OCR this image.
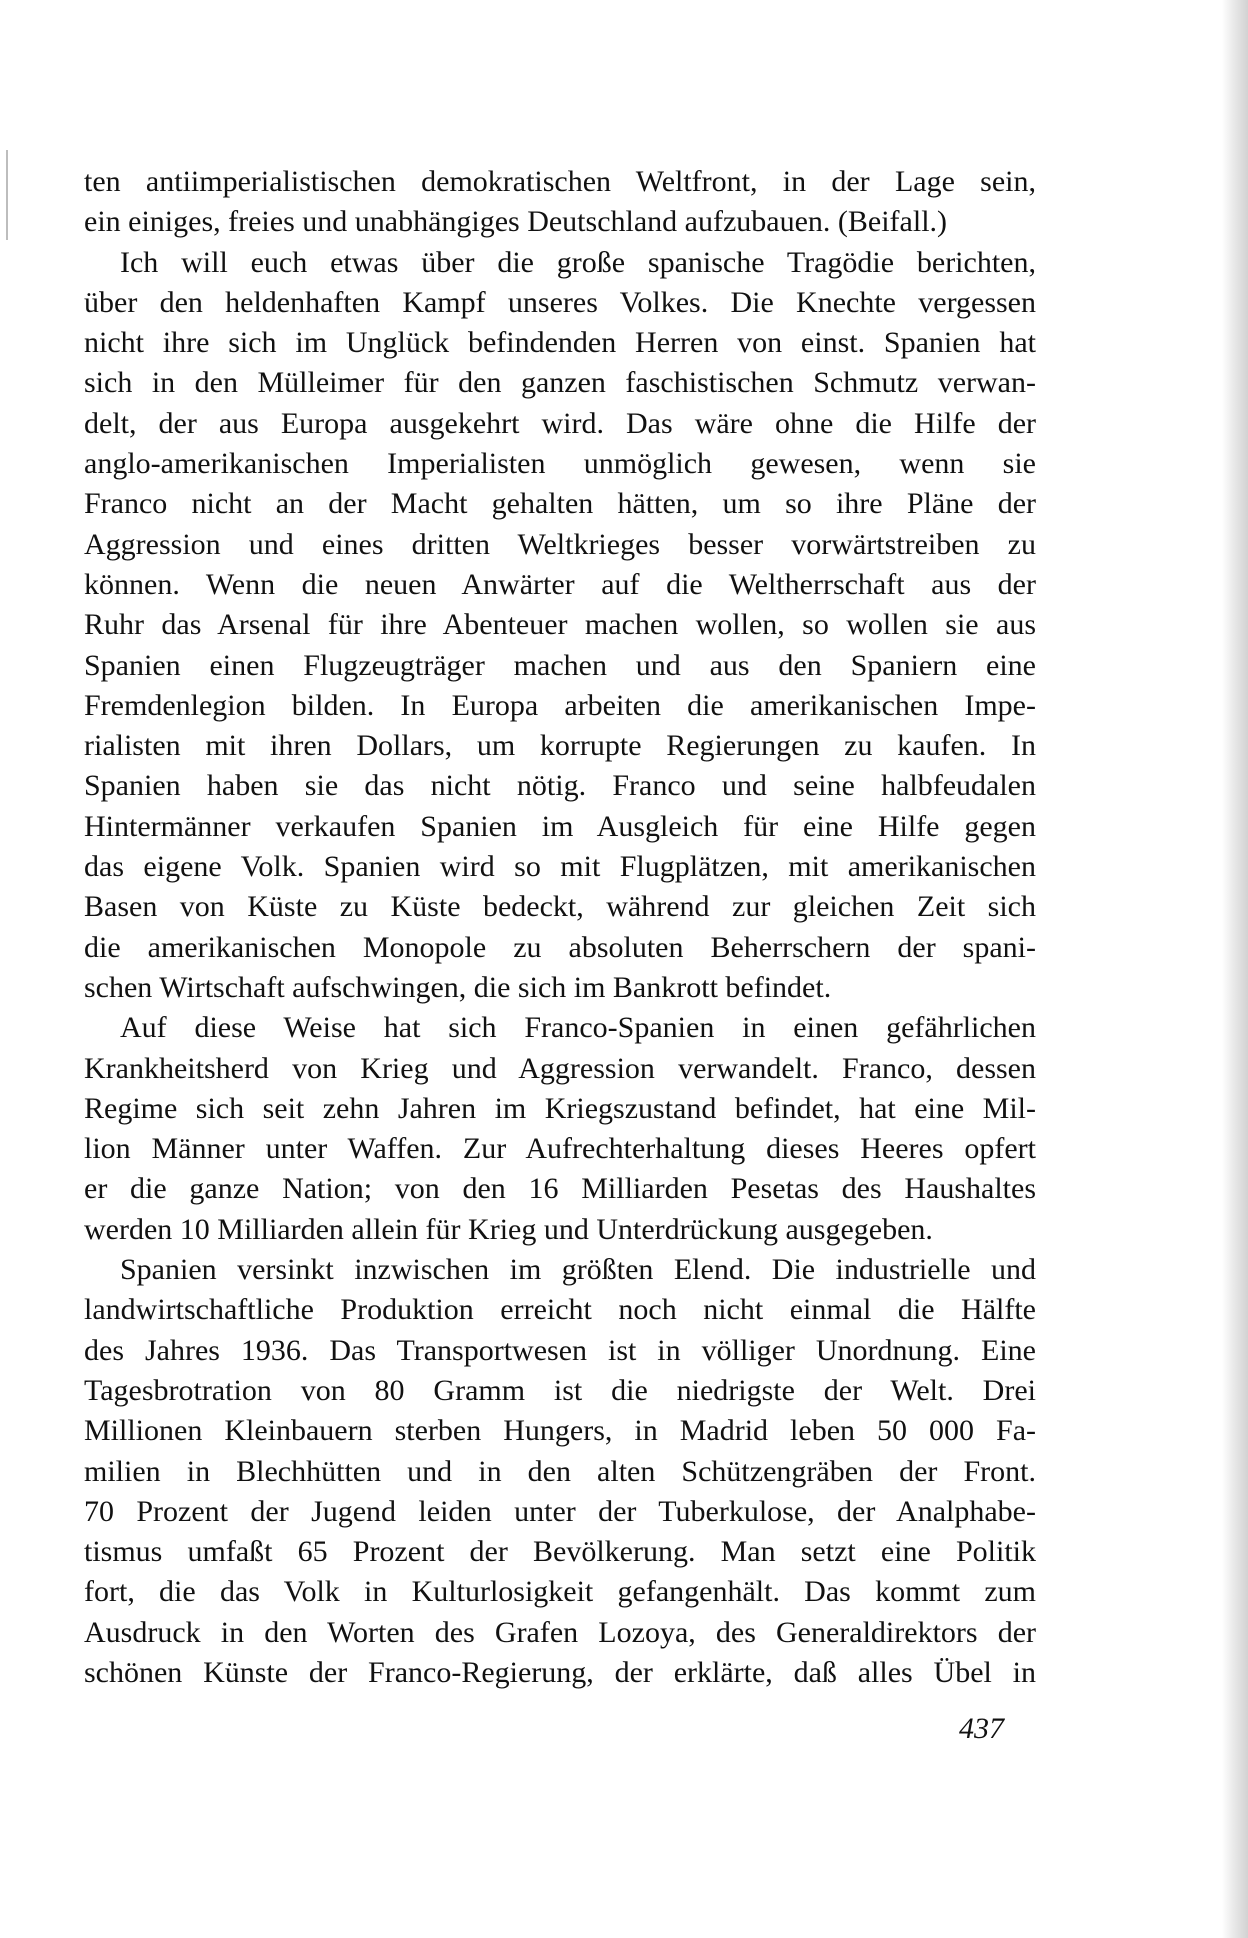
ten antiimperialistischen demokratischen Weltfront, in der Lage sein,
ein einiges, freies und unabhängiges Deutschland aufzubauen. (Beifall.)
Ich will euch etwas über die große spanische Tragödie berichten,
über den heldenhaften Kampf unseres Volkes. Die Knechte vergessen
nicht ihre sich im Unglück befindenden Herren von einst. Spanien hat
sich in den Mülleimer für den ganzen faschistischen Schmutz verwan-
delt, der aus Europa ausgekehrt wird. Das wäre ohne die Hilfe der
anglo-amerikanischen Imperialisten unmöglich gewesen, wenn sie
Franco nicht an der Macht gehalten hätten, um so ihre Pläne der
Aggression und eines dritten Weltkrieges besser vorwärtstreiben zu
können. Wenn die neuen Anwärter auf die Weltherrschaft aus der
Ruhr das Arsenal für ihre Abenteuer machen wollen, so wollen sie aus
Spanien einen Flugzeugträger machen und aus den Spaniern eine
Fremdenlegion bilden. In Europa arbeiten die amerikanischen Impe-
rialisten mit ihren Dollars, um korrupte Regierungen zu kaufen. In
Spanien haben sie das nicht nötig. Franco und seine halbfeudalen
Hintermänner verkaufen Spanien im Ausgleich für eine Hilfe gegen
das eigene Volk. Spanien wird so mit Flugplätzen, mit amerikanischen
Basen von Küste zu Küste bedeckt, während zur gleichen Zeit sich
die amerikanischen Monopole zu absoluten Beherrschern der spani-
schen Wirtschaft aufschwingen, die sich im Bankrott befindet.
Auf diese Weise hat sich Franco-Spanien in einen gefährlichen
Krankheitsherd von Krieg und Aggression verwandelt. Franco, dessen
Regime sich seit zehn Jahren im Kriegszustand befindet, hat eine Mil-
lion Männer unter Waffen. Zur Aufrechterhaltung dieses Heeres opfert
er die ganze Nation; von den 16 Milliarden Pesetas des Haushaltes
werden 10 Milliarden allein für Krieg und Unterdrückung ausgegeben.
Spanien versinkt inzwischen im größten Elend. Die industrielle und
landwirtschaftliche Produktion erreicht noch nicht einmal die Hälfte
des Jahres 1936. Das Transportwesen ist in völliger Unordnung. Eine
Tagesbrotration von 80 Gramm ist die niedrigste der Welt. Drei
Millionen Kleinbauern sterben Hungers, in Madrid leben 50 000 Fa-
milien in Blechhütten und in den alten Schützengräben der Front.
70 Prozent der Jugend leiden unter der Tuberkulose, der Analphabe-
tismus umfaßt 65 Prozent der Bevölkerung. Man setzt eine Politik
fort, die das Volk in Kulturlosigkeit gefangenhält. Das kommt zum
Ausdruck in den Worten des Grafen Lozoya, des Generaldirektors der
schönen Künste der Franco-Regierung, der erklärte, daß alles Übel in
437
